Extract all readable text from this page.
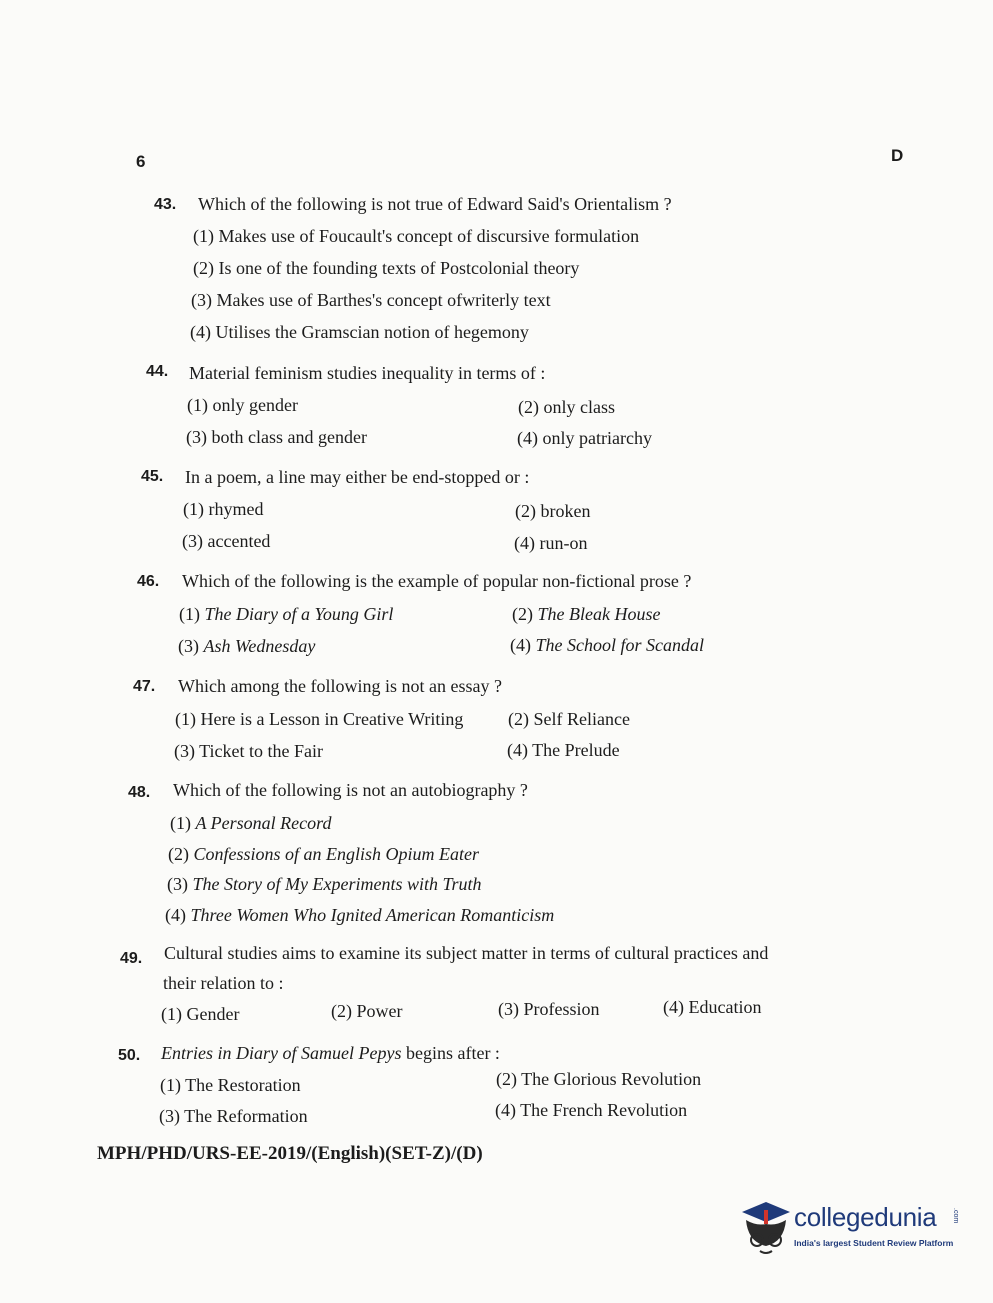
6	D
43. Which of the following is not true of Edward Said's Orientalism ?
(1) Makes use of Foucault's concept of discursive formulation
(2) Is one of the founding texts of Postcolonial theory
(3) Makes use of Barthes's concept ofwriterly text
(4) Utilises the Gramscian notion of hegemony
44. Material feminism studies inequality in terms of :
(1) only gender	(2) only class
(3) both class and gender	(4) only patriarchy
45. In a poem, a line may either be end-stopped or :
(1) rhymed	(2) broken
(3) accented	(4) run-on
46. Which of the following is the example of popular non-fictional prose ?
(1) The Diary of a Young Girl	(2) The Bleak House
(3) Ash Wednesday	(4) The School for Scandal
47. Which among the following is not an essay ?
(1) Here is a Lesson in Creative Writing (2) Self Reliance
(3) Ticket to the Fair	(4) The Prelude
48. Which of the following is not an autobiography ?
(1) A Personal Record
(2) Confessions of an English Opium Eater
(3) The Story of My Experiments with Truth
(4) Three Women Who Ignited American Romanticism
49. Cultural studies aims to examine its subject matter in terms of cultural practices and
their relation to :
(1) Gender	(2) Power	(3) Profession	(4) Education
50. Entries in Diary of Samuel Pepys begins after :
(1) The Restoration	(2) The Glorious Revolution
(3) The Reformation	(4) The French Revolution
MPH/PHD/URS-EE-2019/(English)(SET-Z)/(D)
collegedunia .com
India's largest Student Review Platform
